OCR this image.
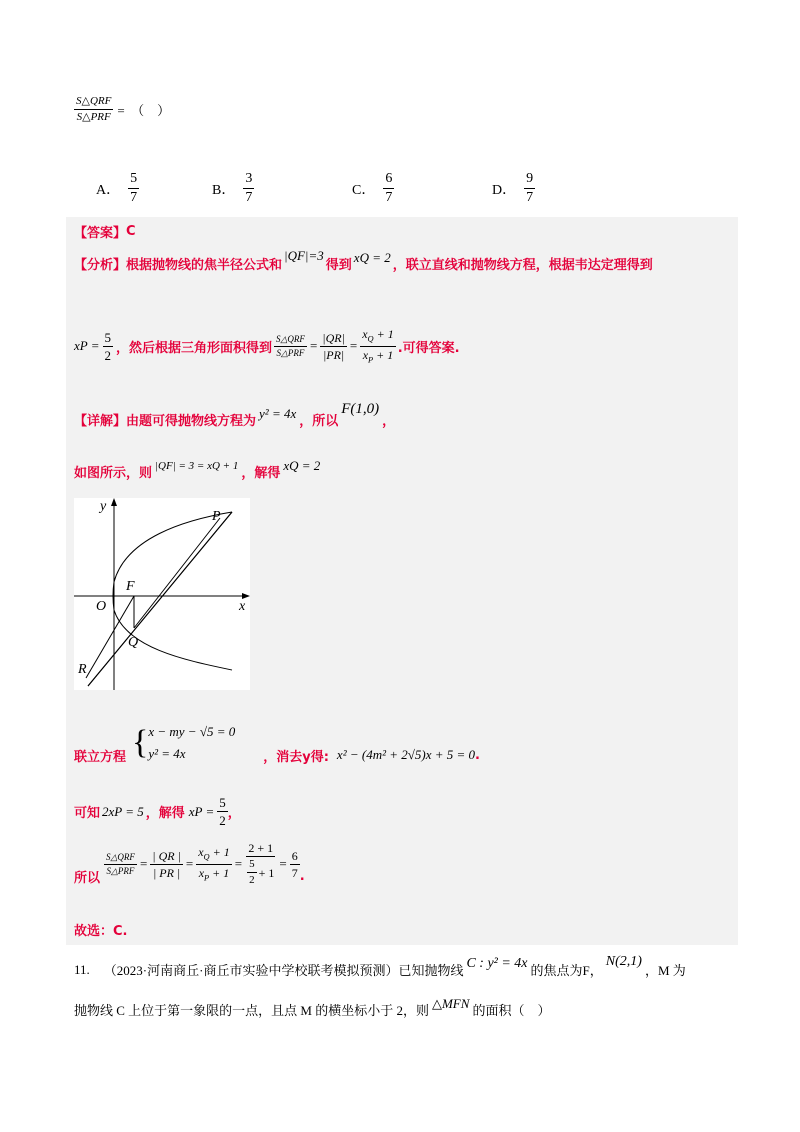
$\frac{\text{S△QRF}}{\text{S△PRF}}$ =　（　）
A． $\frac{5}{7}$	B． $\frac{3}{7}$	C． $\frac{6}{7}$	D． $\frac{9}{7}$
【答案】 C
【分析】 根据抛物线的焦半径公式和
|QF|=3
得到
xQ = 2
，联立直线和抛物线方程，根据韦达定理得到
xP = $\frac{5}{2}$ ，然后根据三角形面积得到 $\frac{\text{S△QRF}}{\text{S△PRF}} = \frac{|QR|}{|PR|} = \frac{x_Q + 1}{x_P + 1}$ .可得答案.
【详解】 由题可得抛物线方程为
y² = 4x
，所以
F(1,0)
，
如图所示，则
|QF| = 3 = xQ + 1
，解得
xQ = 2
y
x
O
F
P
Q
R
联立方程 { x − my − √5 = 0
y² = 4x	，消去y得: x² − (4m² + 2√5)x + 5 = 0 .
可知 2xP = 5 ，解得 xP = $\frac{5}{2}$ ，
所以
$\frac{\text{S△QRF}}{\text{S△PRF}} = \frac{| QR |}{| PR |} = \frac{x_Q + 1}{x_P + 1} = \frac{2 + 1}{\frac{5}{2} + 1} = \frac{6}{7}$ .
故选：C.
11. （2023·河南商丘·商丘市实验中学校联考模拟预测）已知抛物线 C : y² = 4x 的焦点为F，
N(2,1)
，M 为
抛物线 C 上位于第一象限的一点，且点 M 的横坐标小于 2，则 △MFN 的面积（　）
